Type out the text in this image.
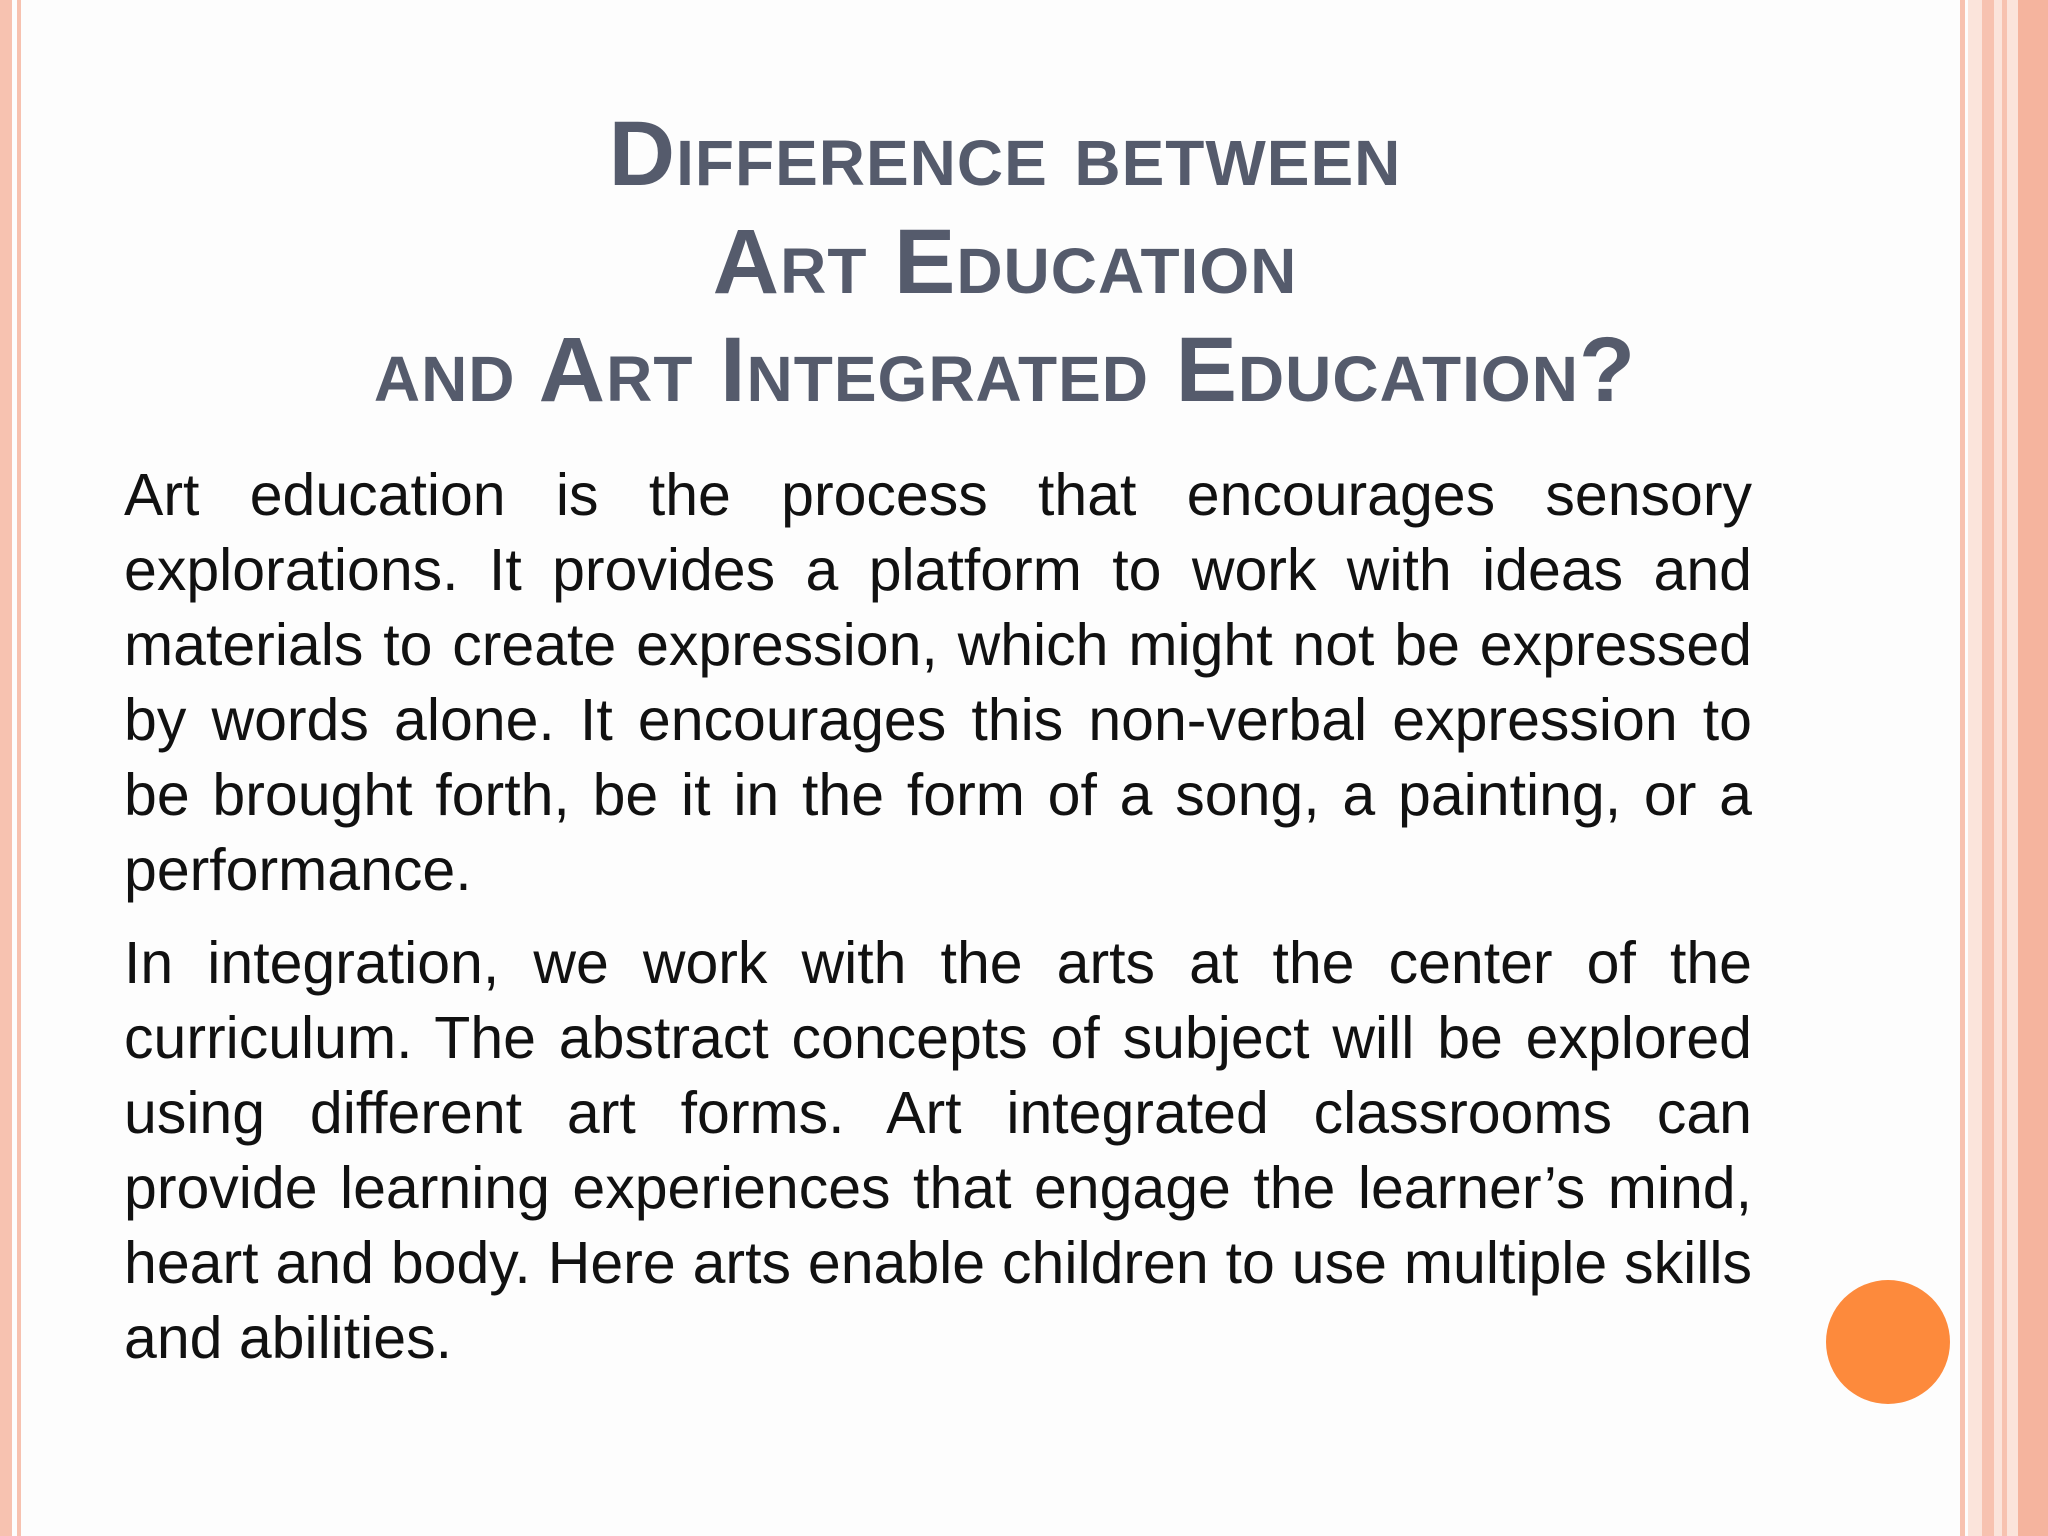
Difference between
Art Education
and Art Integrated Education?

Art education is the process that encourages sensory explorations. It provides a platform to work with ideas and materials to create expression, which might not be expressed by words alone. It encourages this non-verbal expression to be brought forth, be it in the form of a song, a painting, or a performance.

In integration, we work with the arts at the center of the curriculum. The abstract concepts of subject will be explored using different art forms. Art integrated classrooms can provide learning experiences that engage the learner’s mind, heart and body. Here arts enable children to use multiple skills and abilities.
